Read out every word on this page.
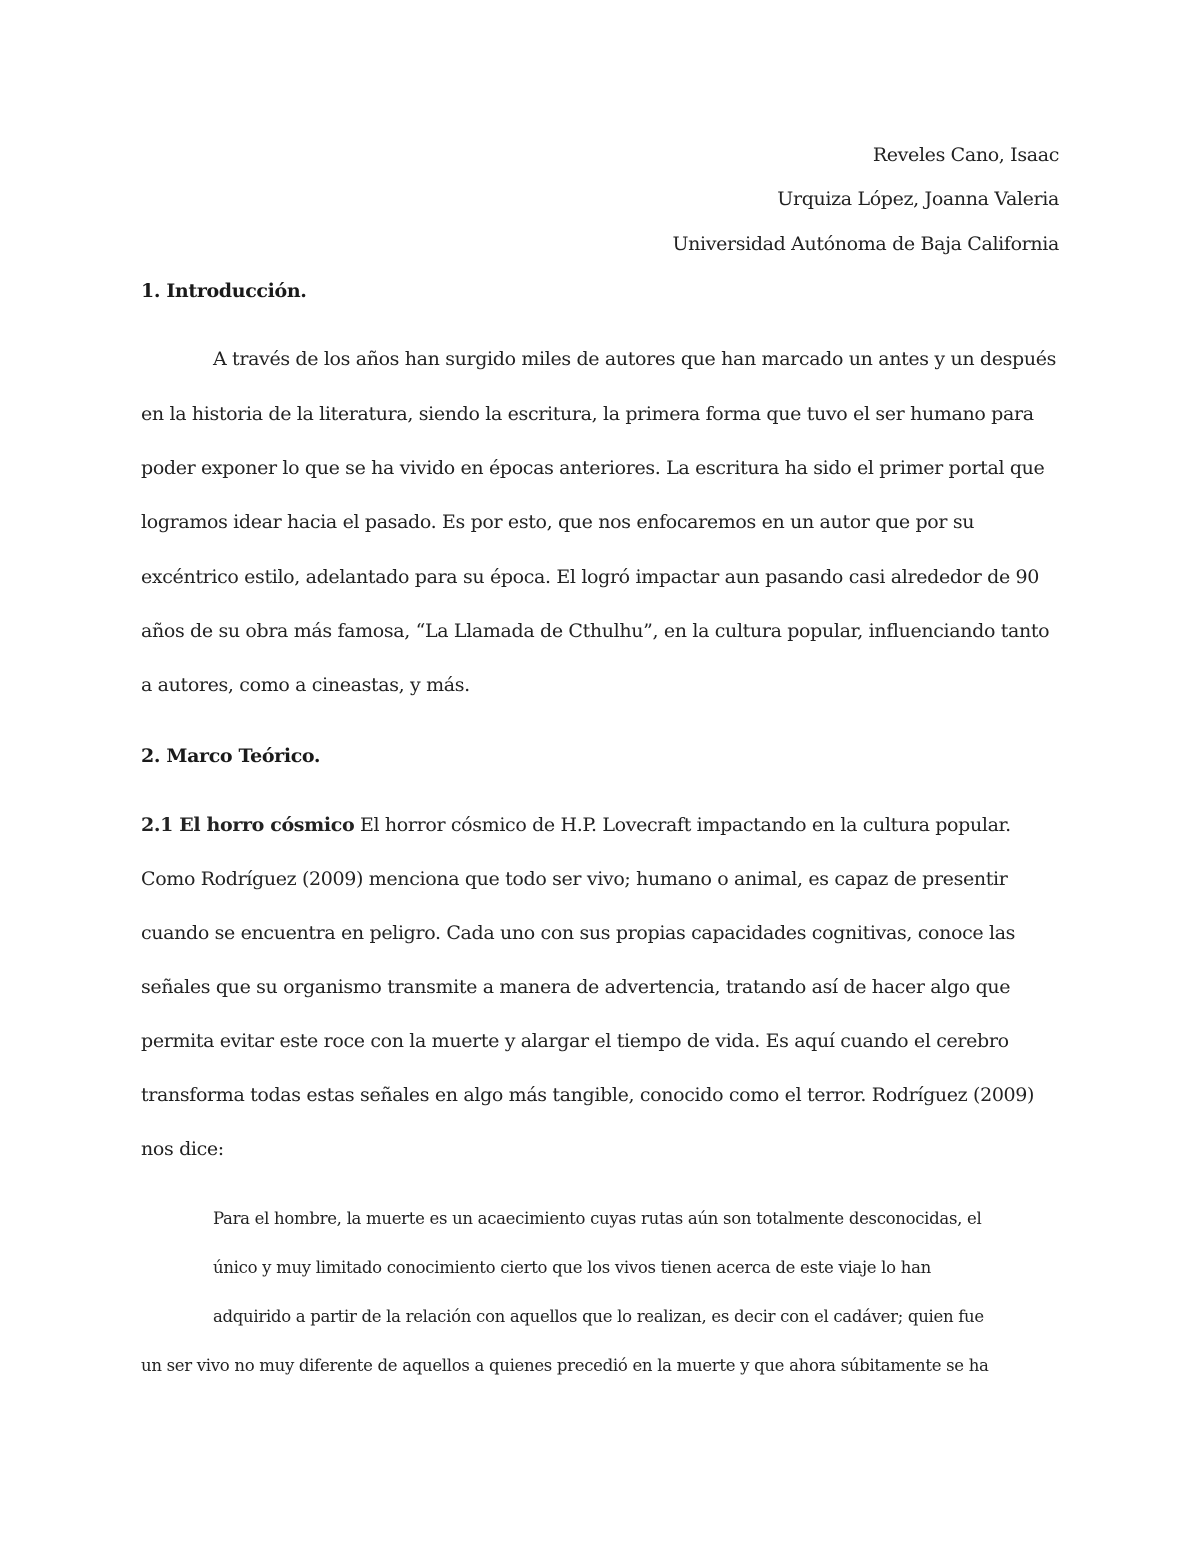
Reveles Cano, Isaac

Urquiza López, Joanna Valeria

Universidad Autónoma de Baja California

1. Introducción.

A través de los años han surgido miles de autores que han marcado un antes y un después

en la historia de la literatura, siendo la escritura, la primera forma que tuvo el ser humano para

poder exponer lo que se ha vivido en épocas anteriores. La escritura ha sido el primer portal que

logramos idear hacia el pasado. Es por esto, que nos enfocaremos en un autor que por su

excéntrico estilo, adelantado para su época. El logró impactar aun pasando casi alrededor de 90

años de su obra más famosa, “La Llamada de Cthulhu”, en la cultura popular, influenciando tanto

a autores, como a cineastas, y más.

2. Marco Teórico.

2.1 El horro cósmico El horror cósmico de H.P. Lovecraft impactando en la cultura popular.

Como Rodríguez (2009) menciona que todo ser vivo; humano o animal, es capaz de presentir

cuando se encuentra en peligro. Cada uno con sus propias capacidades cognitivas, conoce las

señales que su organismo transmite a manera de advertencia, tratando así de hacer algo que

permita evitar este roce con la muerte y alargar el tiempo de vida. Es aquí cuando el cerebro

transforma todas estas señales en algo más tangible, conocido como el terror. Rodríguez (2009)

nos dice:

Para el hombre, la muerte es un acaecimiento cuyas rutas aún son totalmente desconocidas, el

único y muy limitado conocimiento cierto que los vivos tienen acerca de este viaje lo han

adquirido a partir de la relación con aquellos que lo realizan, es decir con el cadáver; quien fue

un ser vivo no muy diferente de aquellos a quienes precedió en la muerte y que ahora súbitamente se ha
